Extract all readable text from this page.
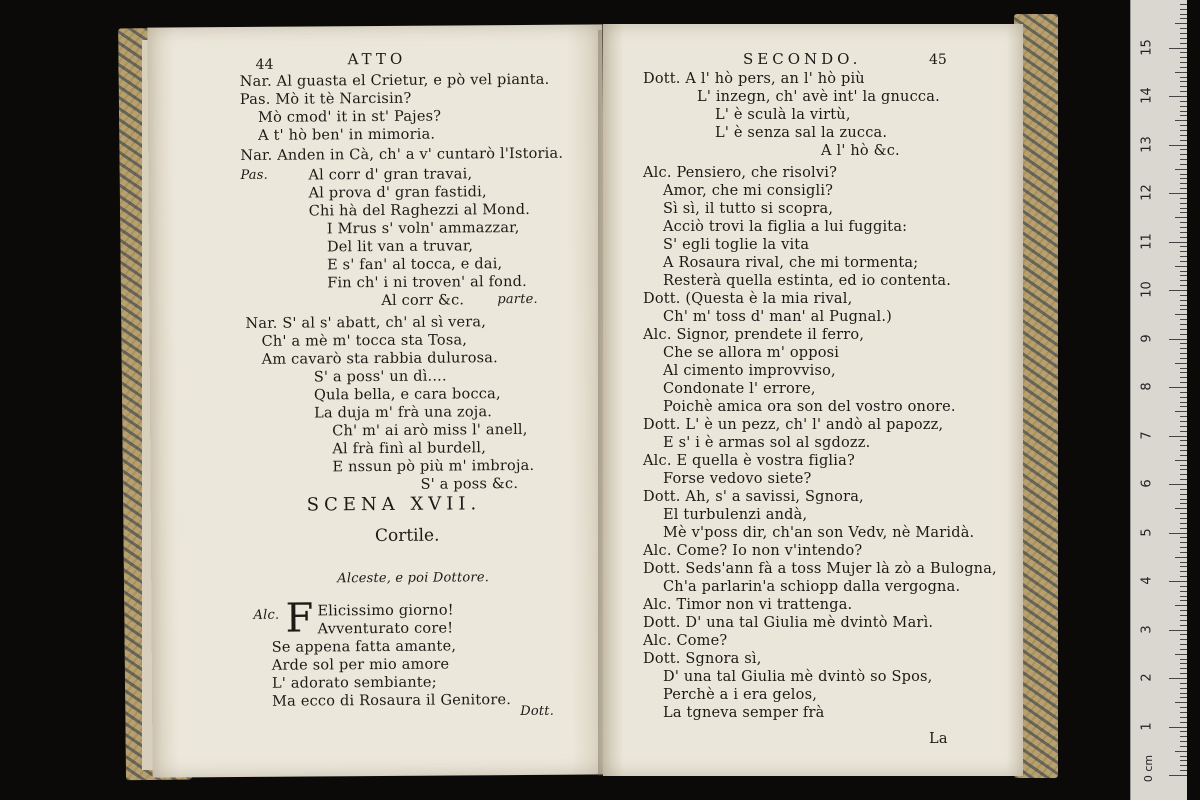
44	ATTO
Nar. Al guasta el Crietur, e pò vel pianta.
Pas. Mò it tè Narcisin?
Mò cmod' it in st' Pajes?
A t' hò ben' in mimoria.
Nar. Anden in Cà, ch' a v' cuntarò l'Istoria.
Pas.	Al corr d' gran travai,
Al prova d' gran fastidi,
Chi hà del Raghezzi al Mond.
I Mrus s' voln' ammazzar,
Del lit van a truvar,
E s' fan' al tocca, e dai,
Fin ch' i ni troven' al fond.
Al corr &c.	parte.
Nar. S' al s' abatt, ch' al sì vera,
Ch' a mè m' tocca sta Tosa,
Am cavarò sta rabbia dulurosa.
S' a poss' un dì....
Qula bella, e cara bocca,
La duja m' frà una zoja.
Ch' m' ai arò miss l' anell,
Al frà finì al burdell,
E nssun pò più m' imbroja.
S' a poss &c.
SCENA XVII.
Cortile.
Alceste, e poi Dottore.
Alc. F Elicissimo giorno!
Avventurato core!
Se appena fatta amante,
Arde sol per mio amore
L' adorato sembiante;
Ma ecco di Rosaura il Genitore.
Dott.
SECONDO.	45
Dott. A l' hò pers, an l' hò più
L' inzegn, ch' avè int' la gnucca.
L' è sculà la virtù,
L' è senza sal la zucca.
A l' hò &c.
Alc. Pensiero, che risolvi?
Amor, che mi consigli?
Sì sì, il tutto si scopra,
Acciò trovi la figlia a lui fuggita:
S' egli toglie la vita
A Rosaura rival, che mi tormenta;
Resterà quella estinta, ed io contenta.
Dott. (Questa è la mia rival,
Ch' m' toss d' man' al Pugnal.)
Alc. Signor, prendete il ferro,
Che se allora m' opposi
Al cimento improvviso,
Condonate l' errore,
Poichè amica ora son del vostro onore.
Dott. L' è un pezz, ch' l' andò al papozz,
E s' i è armas sol al sgdozz.
Alc. E quella è vostra figlia?
Forse vedovo siete?
Dott. Ah, s' a savissi, Sgnora,
El turbulenzi andà,
Mè v'poss dir, ch'an son Vedv, nè Maridà.
Alc. Come? Io non v'intendo?
Dott. Seds'ann fà a toss Mujer là zò a Bulogna,
Ch'a parlarin'a schiopp dalla vergogna.
Alc. Timor non vi trattenga.
Dott. D' una tal Giulia mè dvintò Marì.
Alc. Come?
Dott. Sgnora sì,
D' una tal Giulia mè dvintò so Spos,
Perchè a i era gelos,
La tgneva semper frà
La
15
14
13
12
11
10
9
8
7
6
5
4
3
2
1
0 cm
